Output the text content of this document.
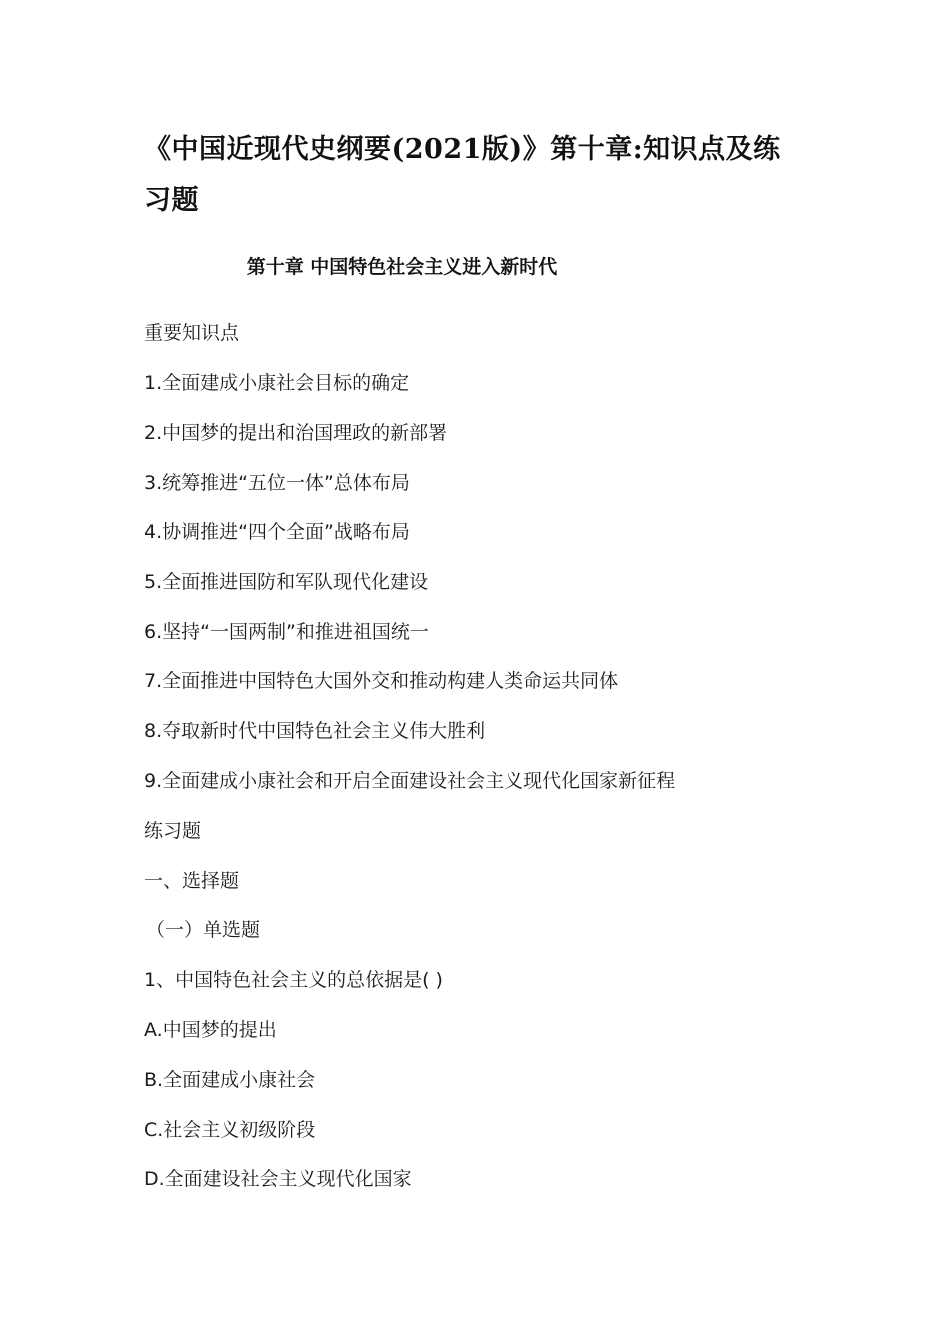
《中国近现代史纲要(2021版)》第十章:知识点及练习题
第十章 中国特色社会主义进入新时代

重要知识点

1.全面建成小康社会目标的确定

2.中国梦的提出和治国理政的新部署

3.统筹推进“五位一体”总体布局

4.协调推进“四个全面”战略布局

5.全面推进国防和军队现代化建设

6.坚持“一国两制”和推进祖国统一

7.全面推进中国特色大国外交和推动构建人类命运共同体

8.夺取新时代中国特色社会主义伟大胜利

9.全面建成小康社会和开启全面建设社会主义现代化国家新征程

练习题

一、选择题

（一）单选题

1、中国特色社会主义的总依据是( )

A.中国梦的提出

B.全面建成小康社会

C.社会主义初级阶段

D.全面建设社会主义现代化国家
